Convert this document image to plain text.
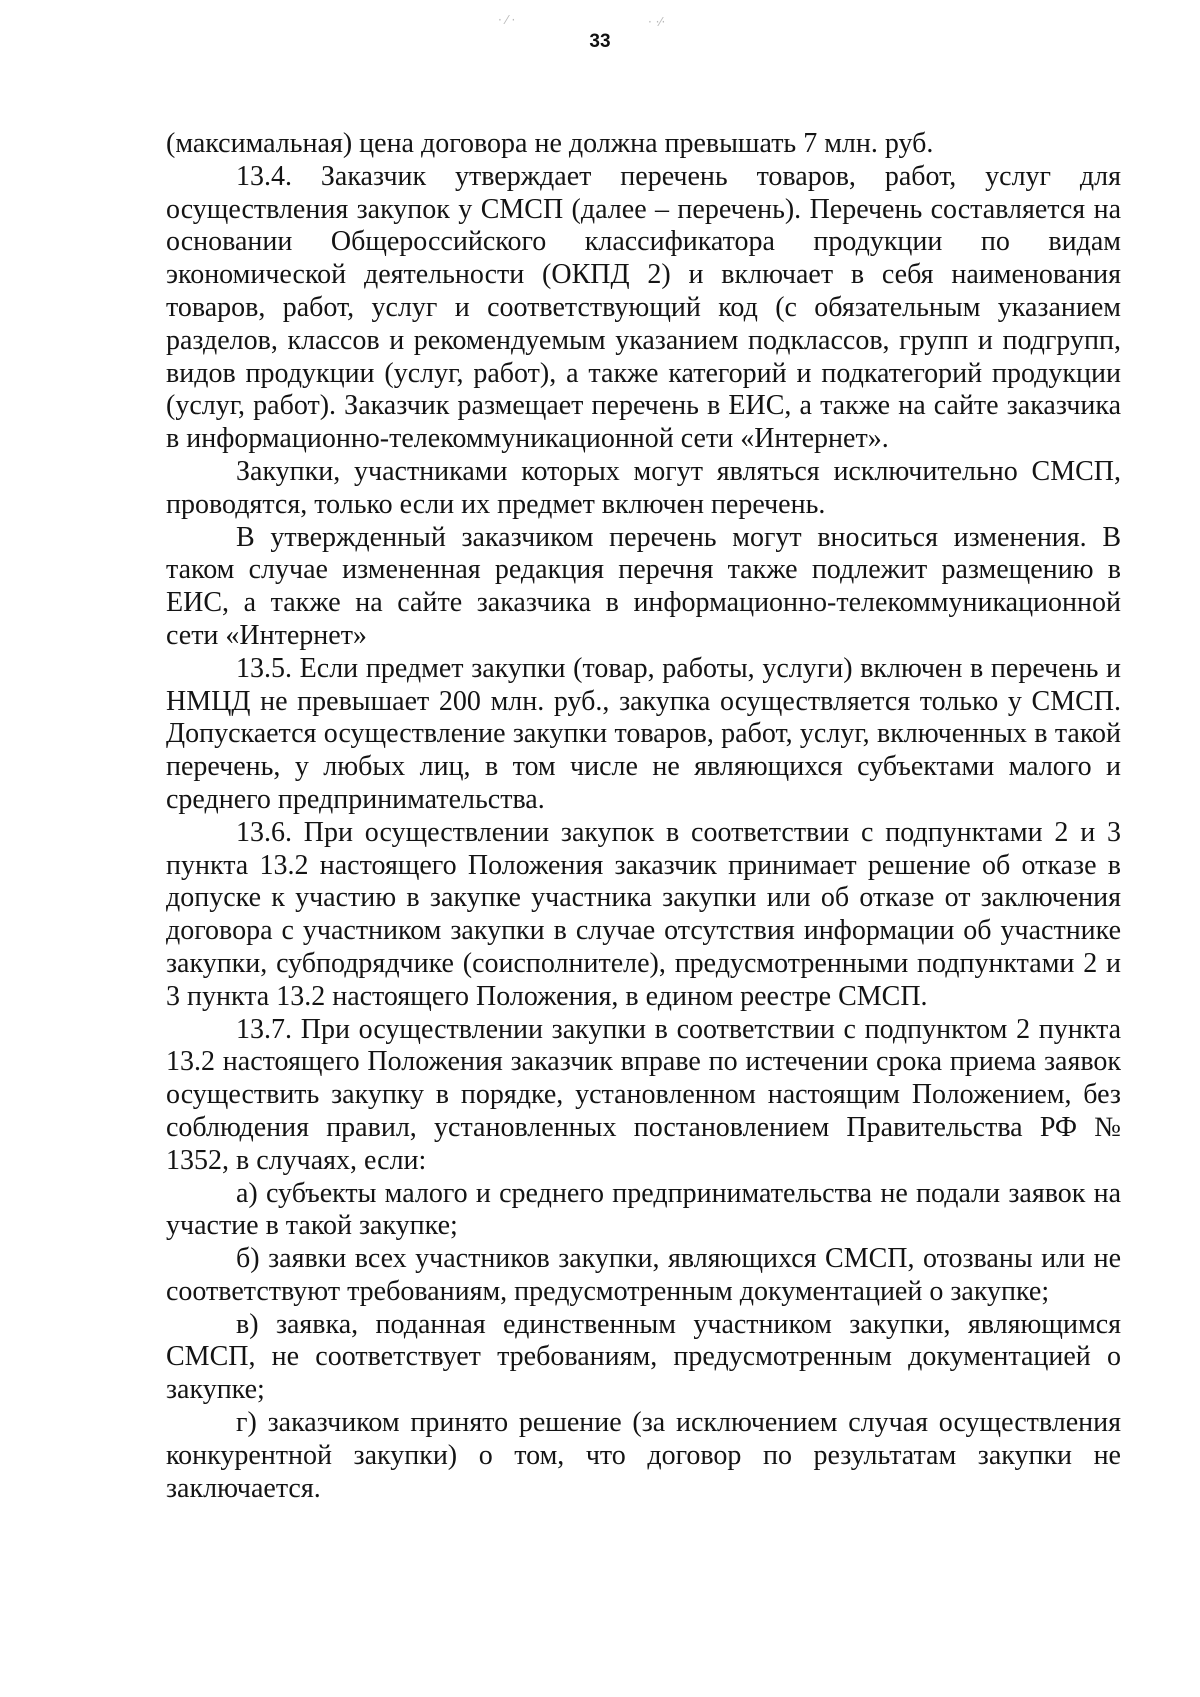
· ⁄ ·	· ·⁄·
33

(максимальная) цена договора не должна превышать 7 млн. руб.

13.4. Заказчик утверждает перечень товаров, работ, услуг для осуществления закупок у СМСП (далее – перечень). Перечень составляется на основании Общероссийского классификатора продукции по видам экономической деятельности (ОКПД 2) и включает в себя наименования товаров, работ, услуг и соответствующий код (с обязательным указанием разделов, классов и рекомендуемым указанием подклассов, групп и подгрупп, видов продукции (услуг, работ), а также категорий и подкатегорий продукции (услуг, работ). Заказчик размещает перечень в ЕИС, а также на сайте заказчика в информационно-телекоммуникационной сети «Интернет».

Закупки, участниками которых могут являться исключительно СМСП, проводятся, только если их предмет включен перечень.

В утвержденный заказчиком перечень могут вноситься изменения. В таком случае измененная редакция перечня также подлежит размещению в ЕИС, а также на сайте заказчика в информационно-телекоммуникационной сети «Интернет»

13.5. Если предмет закупки (товар, работы, услуги) включен в перечень и НМЦД не превышает 200 млн. руб., закупка осуществляется только у СМСП. Допускается осуществление закупки товаров, работ, услуг, включенных в такой перечень, у любых лиц, в том числе не являющихся субъектами малого и среднего предпринимательства.

13.6. При осуществлении закупок в соответствии с подпунктами 2 и 3 пункта 13.2 настоящего Положения заказчик принимает решение об отказе в допуске к участию в закупке участника закупки или об отказе от заключения договора с участником закупки в случае отсутствия информации об участнике закупки, субподрядчике (соисполнителе), предусмотренными подпунктами 2 и 3 пункта 13.2 настоящего Положения, в едином реестре СМСП.

13.7. При осуществлении закупки в соответствии с подпунктом 2 пункта 13.2 настоящего Положения заказчик вправе по истечении срока приема заявок осуществить закупку в порядке, установленном настоящим Положением, без соблюдения правил, установленных постановлением Правительства РФ № 1352, в случаях, если:

а) субъекты малого и среднего предпринимательства не подали заявок на участие в такой закупке;

б) заявки всех участников закупки, являющихся СМСП, отозваны или не соответствуют требованиям, предусмотренным документацией о закупке;

в) заявка, поданная единственным участником закупки, являющимся СМСП, не соответствует требованиям, предусмотренным документацией о закупке;

г) заказчиком принято решение (за исключением случая осуществления конкурентной закупки) о том, что договор по результатам закупки не заключается.
